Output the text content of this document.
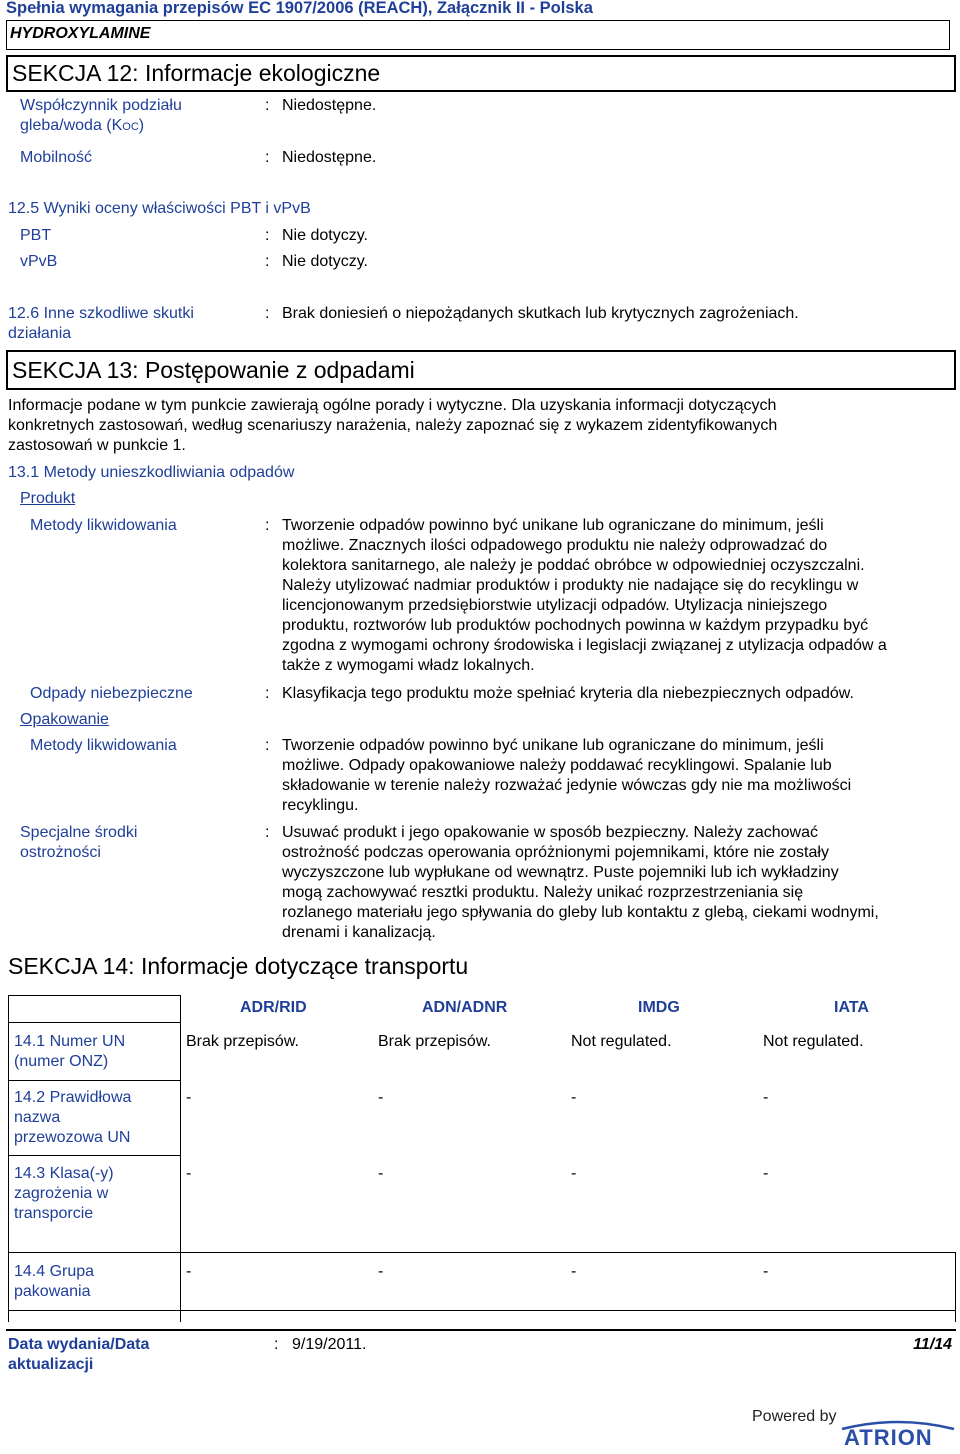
Spełnia wymagania przepisów EC 1907/2006 (REACH), Załącznik II - Polska
HYDROXYLAMINE
SEKCJA 12: Informacje ekologiczne
Współczynnik podziału
gleba/woda (KOC)
: Niedostępne.
Mobilność	: Niedostępne.
12.5 Wyniki oceny właściwości PBT i vPvB
PBT	: Nie dotyczy.
vPvB	: Nie dotyczy.
12.6 Inne szkodliwe skutki
działania
: Brak doniesień o niepożądanych skutkach lub krytycznych zagrożeniach.
SEKCJA 13: Postępowanie z odpadami
Informacje podane w tym punkcie zawierają ogólne porady i wytyczne. Dla uzyskania informacji dotyczących
konkretnych zastosowań, według scenariuszy narażenia, należy zapoznać się z wykazem zidentyfikowanych
zastosowań w punkcie 1.
13.1 Metody unieszkodliwiania odpadów
Produkt
Metody likwidowania	: Tworzenie odpadów powinno być unikane lub ograniczane do minimum, jeśli
możliwe. Znacznych ilości odpadowego produktu nie należy odprowadzać do
kolektora sanitarnego, ale należy je poddać obróbce w odpowiedniej oczyszczalni.
Należy utylizować nadmiar produktów i produkty nie nadające się do recyklingu w
licencjonowanym przedsiębiorstwie utylizacji odpadów. Utylizacja niniejszego
produktu, roztworów lub produktów pochodnych powinna w każdym przypadku być
zgodna z wymogami ochrony środowiska i legislacji związanej z utylizacja odpadów a
także z wymogami władz lokalnych.
Odpady niebezpieczne	: Klasyfikacja tego produktu może spełniać kryteria dla niebezpiecznych odpadów.
Opakowanie
Metody likwidowania	: Tworzenie odpadów powinno być unikane lub ograniczane do minimum, jeśli
możliwe. Odpady opakowaniowe należy poddawać recyklingowi. Spalanie lub
składowanie w terenie należy rozważać jedynie wówczas gdy nie ma możliwości
recyklingu.
Specjalne środki
ostrożności
: Usuwać produkt i jego opakowanie w sposób bezpieczny. Należy zachować
ostrożność podczas operowania opróżnionymi pojemnikami, które nie zostały
wyczyszczone lub wypłukane od wewnątrz. Puste pojemniki lub ich wykładziny
mogą zachowywać resztki produktu. Należy unikać rozprzestrzeniania się
rozlanego materiału jego spływania do gleby lub kontaktu z glebą, ciekami wodnymi,
drenami i kanalizacją.
SEKCJA 14: Informacje dotyczące transportu
ADR/RID	ADN/ADNR	IMDG	IATA
14.1 Numer UN
(numer ONZ)
Brak przepisów.	Brak przepisów.	Not regulated.	Not regulated.
14.2 Prawidłowa
nazwa
przewozowa UN
-	-	-	-
14.3 Klasa(-y)
zagrożenia w
transporcie
-	-	-	-
14.4 Grupa
pakowania
-	-	-	-
Data wydania/Data
aktualizacji
: 9/19/2011.	11/14
Powered by
ATRION
